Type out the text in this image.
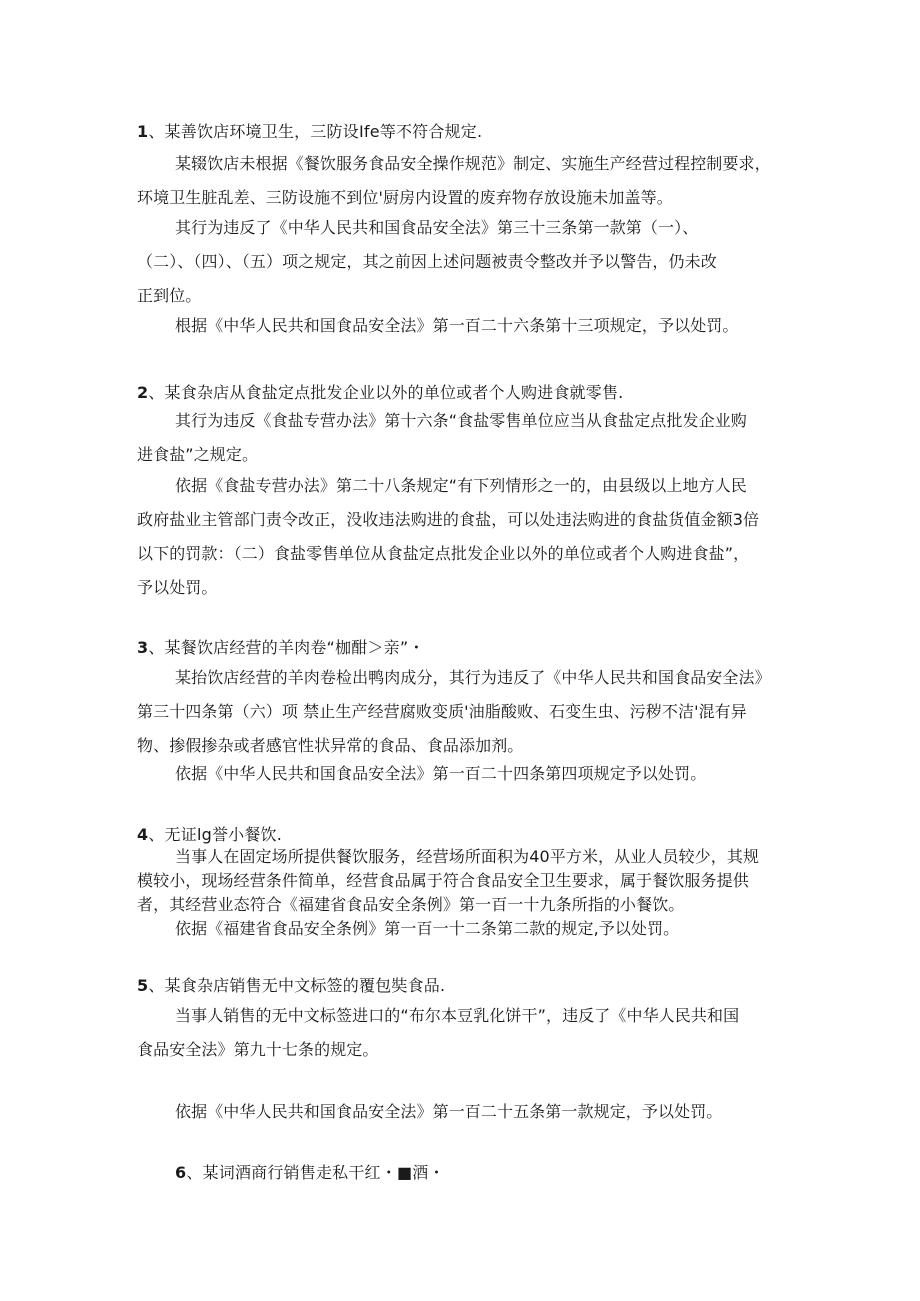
1、某善饮店环境卫生，三防设Ife等不符合规定.
某辍饮店未根据《餐饮服务食品安全操作规范》制定、实施生产经营过程控制要求，
环境卫生脏乱差、三防设施不到位'厨房内设置的废弃物存放设施未加盖等。
其行为违反了《中华人民共和国食品安全法》第三十三条第一款第（一）、
（二）、（四）、（五）项之规定，其之前因上述问题被责令整改并予以警告，仍未改
正到位。
根据《中华人民共和国食品安全法》第一百二十六条第十三项规定，予以处罚。
2、某食杂店从食盐定点批发企业以外的单位或者个人购进食就零售.
其行为违反《食盐专营办法》第十六条“食盐零售单位应当从食盐定点批发企业购
进食盐”之规定。
依据《食盐专营办法》第二十八条规定“有下列情形之一的，由县级以上地方人民
政府盐业主管部门责令改正，没收违法购进的食盐，可以处违法购进的食盐货值金额3倍
以下的罚款：（二）食盐零售单位从食盐定点批发企业以外的单位或者个人购进食盐”，
予以处罚。
3、某餐饮店经营的羊肉卷“枷酣＞亲”・
某抬饮店经营的羊肉卷检出鸭肉成分，其行为违反了《中华人民共和国食品安全法》
第三十四条第（六）项 禁止生产经营腐败变质'油脂酸败、石变生虫、污秽不洁'混有异
物、掺假掺杂或者感官性状异常的食品、食品添加剂。
依据《中华人民共和国食品安全法》第一百二十四条第四项规定予以处罚。
4、无证lg誉小餐饮.
当事人在固定场所提供餐饮服务，经营场所面积为40平方米，从业人员较少，其规
模较小，现场经营条件简单，经营食品属于符合食品安全卫生要求，属于餐饮服务提供
者，其经营业态符合《福建省食品安全条例》第一百一十九条所指的小餐饮。
依据《福建省食品安全条例》第一百一十二条第二款的规定,予以处罚。
5、某食杂店销售无中文标签的覆包奘食品.
当事人销售的无中文标签进口的“布尔本豆乳化饼干”，违反了《中华人民共和国
食品安全法》第九十七条的规定。
依据《中华人民共和国食品安全法》第一百二十五条第一款规定，予以处罚。
6、某词酒商行销售走私干红・■酒・
